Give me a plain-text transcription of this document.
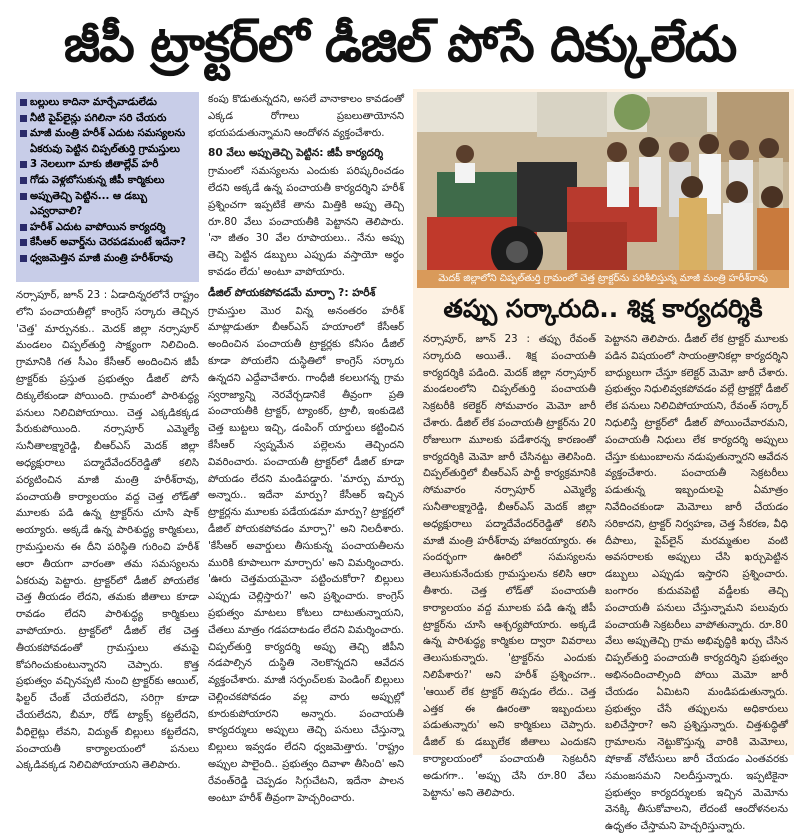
జీపీ ట్రాక్టర్‌లో డీజిల్ పోసే దిక్కులేదు
బల్లులు కాదినా మార్చేవాడులేడు
నీటి పైప్‌లైన్లు పగిలినా సరి చేయరు
మాజీ మంత్రి హరీశ్ ఎదుట సమస్యలను
ఏకరువు పెట్టిన చిప్పల్‌తుర్తి గ్రామస్తులు
3 నెలలుగా మాకు జీతాల్లేవ్ హరీ
గోడు వెళ్లబోసుకున్న జీపీ కార్మికులు
అప్పుతెచ్చి పెట్టిన... ఆ డబ్బు ఎవ్వరావాలి?
హరీశ్ ఎదుట వాపోయిన కార్యదర్శి
కేసీఆర్ అవార్డ్‌ను చెరపడమంటే ఇదేనా?
ధ్వజమెత్తిన మాజీ మంత్రి హరీశ్‌రావు

నర్సాపూర్, జూన్ 23 : ఏడాదిన్నరలోనే రాష్ట్రం లోని పంచాయతీల్లో కాంగ్రెస్ సర్కారు తెచ్చిన 'చెత్త' మార్పునకు.. మెదక్ జిల్లా నర్సాపూర్ మండలం చిప్పల్‌తుర్తి సాక్ష్యంగా నిలిచింది. గ్రామానికి గత సీఎం కేసీఆర్ అందించిన జీపీ ట్రాక్టర్‌కు ప్రస్తుత ప్రభుత్వం డీజిల్ పోసే దిక్కులేకుండా పోయింది. గ్రామంలో పారిశుద్ధ్య పనులు నిలిచిపోయాయి. చెత్త ఎక్కడికక్కడ పేరుకుపోయింది. నర్సాపూర్ ఎమ్మెల్యే సునీతాలక్ష్మారెడ్డి, బీఆర్ఎస్ మెదక్ జిల్లా అధ్యక్షురాలు పద్మాదేవేందర్‌రెడ్డితో కలిసి పర్యటించిన మాజీ మంత్రి హరీశ్‌రావు, పంచాయతీ కార్యాలయం వద్ద చెత్త లోడ్‌తో మూలకు పడి ఉన్న ట్రాక్టర్‌ను చూసి షాక్ అయ్యారు. అక్కడే ఉన్న పారిశుద్ధ్య కార్మికులు, గ్రామస్తులను ఈ దీని పరిస్థితి గురించి హరీశ్ ఆరా తీయగా వారంతా తమ సమస్యలను ఏకరువు పెట్టారు. ట్రాక్టర్‌లో డీజిల్ పోయలేక చెత్త తీయడం లేదని, తమకు జీతాలు కూడా రావడం లేదని పారిశుద్ధ్య కార్మికులు వాపోయారు. ట్రాక్టర్‌లో డీజిల్ లేక చెత్త తీయకపోవడంతో గ్రామస్తులు తమపై కోపగించుకుంటున్నారని చెప్పారు. కొత్త ప్రభుత్వం వచ్చినప్పటి నుంచి ట్రాక్టర్‌కు ఆయిల్, ఫిల్టర్ చేంజ్ చేయలేదని, సరిగ్గా కూడా చేయలేదని, బీమా, రోడ్ ట్యాక్స్ కట్టలేదని, వీధిలైట్లు లేవని, విద్యుత్ బిల్లులు కట్టలేదని, పంచాయతీ కార్యాలయంలో పనులు ఎక్కడివక్కడ నిలిచిపోయాయని తెలిపారు.

కంపు కొడుతున్నదని, అసలే వానాకాలం కావడంతో ఎక్కడ రోగాలు ప్రబలుతాయోనని భయపడుతున్నామని ఆందోళన వ్యక్తంచేశారు.

80 వేలు అప్పుతెచ్చి పెట్టిన: జీపీ కార్యదర్శి

గ్రామంలో సమస్యలను ఎందుకు పరిష్కరించడం లేదని అక్కడే ఉన్న పంచాయతీ కార్యదర్శిని హరీశ్ ప్రశ్నించగా ఇప్పటికే తాను మిత్తికి అప్పు తెచ్చి రూ.80 వేలు పంచాయతీకి పెట్టానని తెలిపారు. 'నా జీతం 30 వేల రూపాయలు.. నేను అప్పు తెచ్చి పెట్టిన డబ్బులు ఎప్పుడు వస్తాయో అర్థం కావడం లేదు' అంటూ వాపోయారు.

డీజిల్ పోయకపోవడమే మార్పా ?: హరీశ్

గ్రామస్తుల మొర విన్న అనంతరం హరీశ్ మాట్లాడుతూ బీఆర్ఎస్ హయాంలో కేసీఆర్ అందించిన పంచాయతీ ట్రాక్టర్లకు కనీసం డీజిల్ కూడా పోయలేని దుస్థితిలో కాంగ్రెస్ సర్కారు ఉన్నదని ఎద్దేవాచేశారు. గాంధీజీ కలలుగన్న గ్రామ స్వరాజ్యాన్ని నెరవేర్చడానికే తీవ్రంగా ప్రతి పంచాయతీకి ట్రాక్టర్, ట్యాంకర్, ట్రాలీ, ఇంకుడెటి చెత్త బుట్టలు ఇచ్చి, డంపింగ్ యార్డులు కట్టించిన కేసీఆర్ స్వప్నమేన పల్లెలను తెచ్చిందని వివరించారు. పంచాయతీ ట్రాక్టర్‌లో డీజిల్ కూడా పోయడం లేదని మండిపడ్డారు. 'మార్పు మార్పు అన్నారు.. ఇదేనా మార్పు? కేసీఆర్ ఇచ్చిన ట్రాక్టర్లను మూలకు పడేయడమా మార్పు? ట్రాక్టర్లలో డీజిల్ పోయకపోవడం మార్పా?' అని నిలదీశారు. 'కేసీఆర్ అవార్డులు తీసుకున్న పంచాయతీలను మురికి కూపాలుగా మార్చారు' అని విమర్శించారు. 'ఊరు చెత్తమయమైనా పట్టించుకోరా? బిల్లులు ఎప్పుడు చెల్లిస్తారు?' అని ప్రశ్నించారు. కాంగ్రెస్ ప్రభుత్వం మాటలు కోటలు దాటుతున్నాయని, చేతలు మాత్రం గడపదాటడం లేదని విమర్శించారు. చిప్పల్‌తుర్తి కార్యదర్శి అప్పు తెచ్చి జీపీని నడపాల్సిన దుస్థితి నెలకొన్నదని ఆవేదన వ్యక్తంచేశారు. మాజీ సర్పంచ్‌లకు పెండింగ్ బిల్లులు చెల్లించకపోవడం వల్ల వారు అప్పుల్లో కూరుకుపోయారని అన్నారు. పంచాయతీ కార్యదర్శులు అప్పులు తెచ్చి పనులు చేస్తున్నా బిల్లులు ఇవ్వడం లేదని ధ్వజమెత్తారు. 'రాష్ట్రం అప్పుల పాలైంది.. ప్రభుత్వం దివాళా తీసింది' అని రేవంత్‌రెడ్డి చెప్పడం సిగ్గుచేటని, ఇదేనా పాలన అంటూ హరీశ్ తీవ్రంగా హెచ్చరించారు.

మెదక్ జిల్లాలోని చిప్పల్‌తుర్తి గ్రామంలో చెత్త ట్రాక్టర్‌ను పరిశీలిస్తున్న మాజీ మంత్రి హరీశ్‌రావు
తప్పు సర్కారుది.. శిక్ష కార్యదర్శికి

నర్సాపూర్, జూన్ 23 : తప్పు రేవంత్ సర్కారుది అయితే.. శిక్ష పంచాయతీ కార్యదర్శికి పడింది. మెదక్ జిల్లా నర్సాపూర్ మండలంలోని చిప్పల్‌తుర్తి పంచాయతీ సెక్రటరీకి కలెక్టర్ సోమవారం మెమో జారీ చేశారు. డీజిల్ లేక పంచాయతీ ట్రాక్టర్‌ను 20 రోజులుగా మూలకు పడేశారన్న కారణంతో కార్యదర్శికి మెమో జారీ చేసినట్టు తెలిసింది. చిప్పల్‌తుర్తిలో బీఆర్ఎస్ పార్టీ కార్యక్రమానికి సోమవారం నర్సాపూర్ ఎమ్మెల్యే సునీతాలక్ష్మారెడ్డి, బీఆర్ఎస్ మెదక్ జిల్లా అధ్యక్షురాలు పద్మాదేవేందర్‌రెడ్డితో కలిసి మాజీ మంత్రి హరీశ్‌రావు హాజరయ్యారు. ఈ సందర్భంగా ఊరిలో సమస్యలను తెలుసుకునేందుకు గ్రామస్తులను కలిసి ఆరా తీశారు. చెత్త లోడ్‌తో పంచాయతీ కార్యాలయం వద్ద మూలకు పడి ఉన్న జీపీ ట్రాక్టర్‌ను చూసి ఆశ్చర్యపోయారు. అక్కడే ఉన్న పారిశుద్ధ్య కార్మికుల ద్వారా వివరాలు తెలుసుకున్నారు. 'ట్రాక్టర్‌ను ఎందుకు నిలిపేశారు?' అని హరీశ్ ప్రశ్నించగా.. 'ఆయిల్ లేక ట్రాక్టర్ తిప్పడం లేదు.. చెత్త ఎత్తక ఈ ఊరంతా ఇబ్బందులు పడుతున్నారు' అని కార్మికులు చెప్పారు. డీజిల్ కు డబ్బులేక జీతాలు ఎందుకని కార్యాలయంలో పంచాయతీ సెక్రటరీని అడుగగా.. 'అప్పు చేసి రూ.80 వేలు పెట్టాను' అని తెలిపారు.

పెట్టానని తెలిపారు. డీజిల్ లేక ట్రాక్టర్ మూలకు పడిన విషయంలో సాయంత్రానికల్లా కార్యదర్శిని బాధ్యులుగా చేస్తూ కలెక్టర్ మెమో జారీ చేశారు. ప్రభుత్వం నిధులివ్వకపోవడం వల్లే ట్రాక్టర్లో డీజిల్ లేక పనులు నిలిచిపోయాయని, రేవంత్ సర్కార్ నిధులిస్తే ట్రాక్టర్‌లో డీజిల్ పోయించేవారమని, పంచాయతీ నిధులు లేక కార్యదర్శి అప్పులు చేస్తూ కుటుంబాలను నడుపుతున్నారని ఆవేదన వ్యక్తంచేశారు. పంచాయతీ సెక్రటరీలు పడుతున్న ఇబ్బందులపై ఏమాత్రం నివేదించకుండా మెమోలు జారీ చేయడం సరికాదని, ట్రాక్టర్ నిర్వహణ, చెత్త సేకరణ, వీధి దీపాలు, పైప్‌లైన్ మరమ్మతుల వంటి అవసరాలకు అప్పులు చేసి ఖర్చుపెట్టిన డబ్బులు ఎప్పుడు ఇస్తారని ప్రశ్నించారు. బంగారం కుదువపెట్టి వడ్డీలకు తెచ్చి పంచాయతీ పనులు చేస్తున్నామని పలువురు పంచాయతీ సెక్రటరీలు వాపోతున్నారు. రూ.80 వేలు అప్పుతెచ్చి గ్రామ అభివృద్ధికి ఖర్చు చేసిన చిప్పల్‌తుర్తి పంచాయతీ కార్యదర్శిని ప్రభుత్వం అభినందించాల్సింది పోయి మెమో జారీ చేయడం ఏమిటని మండిపడుతున్నారు. ప్రభుత్వం చేసే తప్పులను అధికారులు బలిచేస్తారా? అని ప్రశ్నిస్తున్నారు. చిత్తశుద్ధితో గ్రామాలను నెట్టుకొస్తున్న వారికి మెమోలు, షోకాజ్ నోటీసులు జారీ చేయడం ఎంతవరకు సమంజసమని నిలదీస్తున్నారు. ఇప్పటికైనా ప్రభుత్వం కార్యదర్శులకు ఇచ్చిన మెమోను వెనక్కి తీసుకోవాలని, లేదంటే ఆందోళనలను ఉధృతం చేస్తామని హెచ్చరిస్తున్నారు.
